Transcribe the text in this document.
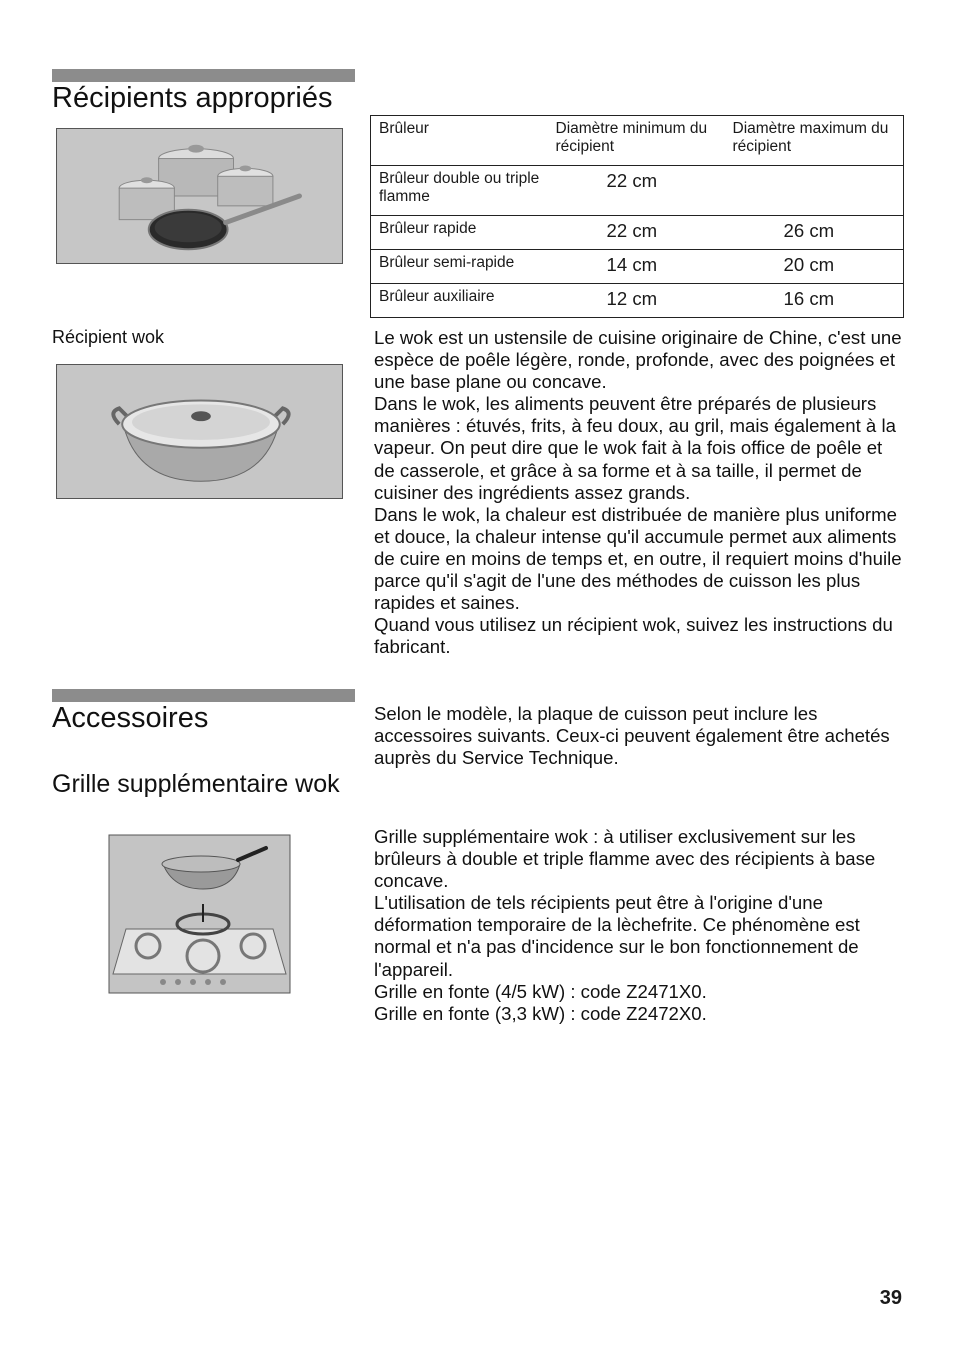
Récipients appropriés
Brûleur	Diamètre minimum du récipient	Diamètre maximum du récipient
Brûleur double ou triple flamme	22 cm	
Brûleur rapide	22 cm	26 cm
Brûleur semi-rapide	14 cm	20 cm
Brûleur auxiliaire	12 cm	16 cm
Récipient wok	Le wok est un ustensile de cuisine originaire de Chine, c'est une espèce de poêle légère, ronde, profonde, avec des poignées et une base plane ou concave.

Dans le wok, les aliments peuvent être préparés de plusieurs manières : étuvés, frits, à feu doux, au gril, mais également à la vapeur. On peut dire que le wok fait à la fois office de poêle et de casserole, et grâce à sa forme et à sa taille, il permet de cuisiner des ingrédients assez grands.

Dans le wok, la chaleur est distribuée de manière plus uniforme et douce, la chaleur intense qu'il accumule permet aux aliments de cuire en moins de temps et, en outre, il requiert moins d'huile parce qu'il s'agit de l'une des méthodes de cuisson les plus rapides et saines.

Quand vous utilisez un récipient wok, suivez les instructions du fabricant.

Accessoires	Selon le modèle, la plaque de cuisson peut inclure les accessoires suivants. Ceux-ci peuvent également être achetés auprès du Service Technique.
Grille supplémentaire wok

Grille supplémentaire wok : à utiliser exclusivement sur les brûleurs à double et triple flamme avec des récipients à base concave.

L'utilisation de tels récipients peut être à l'origine d'une déformation temporaire de la lèchefrite. Ce phénomène est normal et n'a pas d'incidence sur le bon fonctionnement de l'appareil.

Grille en fonte (4/5 kW) : code Z2471X0.

Grille en fonte (3,3 kW) : code Z2472X0.

39
